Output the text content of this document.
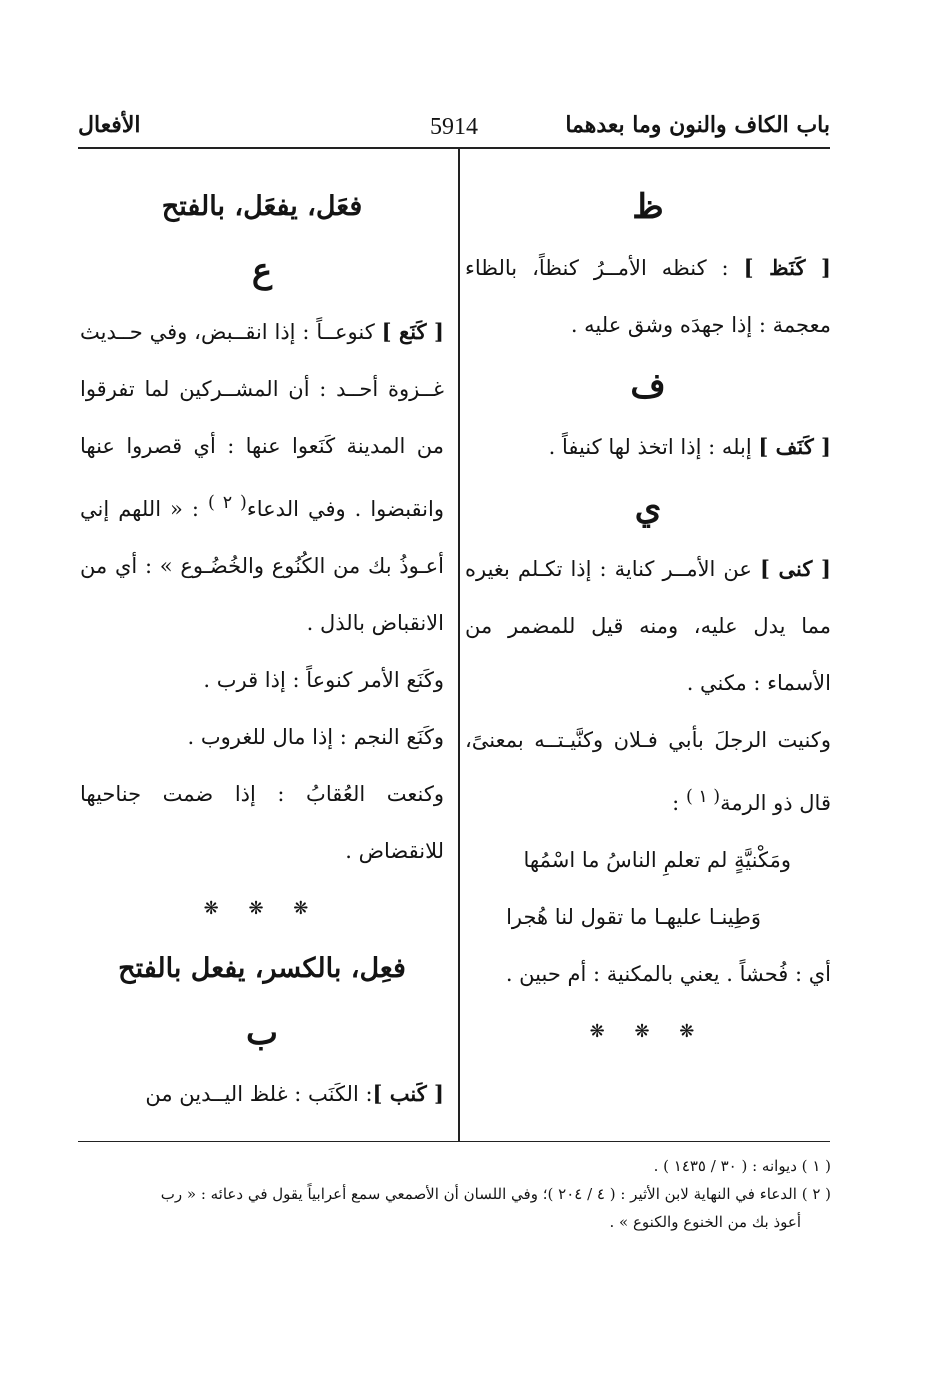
باب الكاف والنون وما بعدهما
5914
الأفعال

ظ

[ كَنَظ ] : كنظه الأمــرُ كنظاً، بالظاء معجمة : إذا جهدَه وشق عليه .

ف

[ كَنَف ] إبله : إذا اتخذ لها كنيفاً .

ي

[ كنى ] عن الأمــر كناية : إذا تكـلم بغيره مما يدل عليه، ومنه قيل للمضمر من الأسماء : مكني .

وكنيت الرجلَ بأبي فـلان وكنَّيـتــه بمعنىً، قال ذو الرمة$^{( ١ )}$ :

ومَكْنيَّةٍ لم تعلمِ الناسُ ما اسْمُها

وَطِينـا عليهـا ما تقول لنا هُجرا

أي : فُحشاً . يعني بالمكنية : أم حبين .

❋ ❋ ❋

فعَل، يفعَل، بالفتح

ع

[ كَنَع ] كنوعــاً : إذا انقــبض، وفي حــديث غــزوة أحــد : أن المشــركين لما تفرقوا من المدينة كَنَعوا عنها : أي قصروا عنها وانقبضوا . وفي الدعاء$^{( ٢ )}$ : « اللهم إني أعـوذُ بك من الكُنُوع والخُضُـوع » : أي من الانقباض بالذل .

وكَنَع الأمر كنوعاً : إذا قرب .

وكَنَع النجم : إذا مال للغروب .

وكنعت العُقابُ : إذا ضمت جناحيها للانقضاض .

❋ ❋ ❋

فعِل، بالكسر، يفعل بالفتح

ب

[ كَنب ]: الكَنَب : غلظ اليــدين من

( ١ ) ديوانه : ( ٣٠ / ١٤٣٥ ) .

( ٢ ) الدعاء في النهاية لابن الأثير : ( ٤ / ٢٠٤ )؛ وفي اللسان أن الأصمعي سمع أعرابياً يقول في دعائه : « رب

أعوذ بك من الخنوع والكنوع » .
